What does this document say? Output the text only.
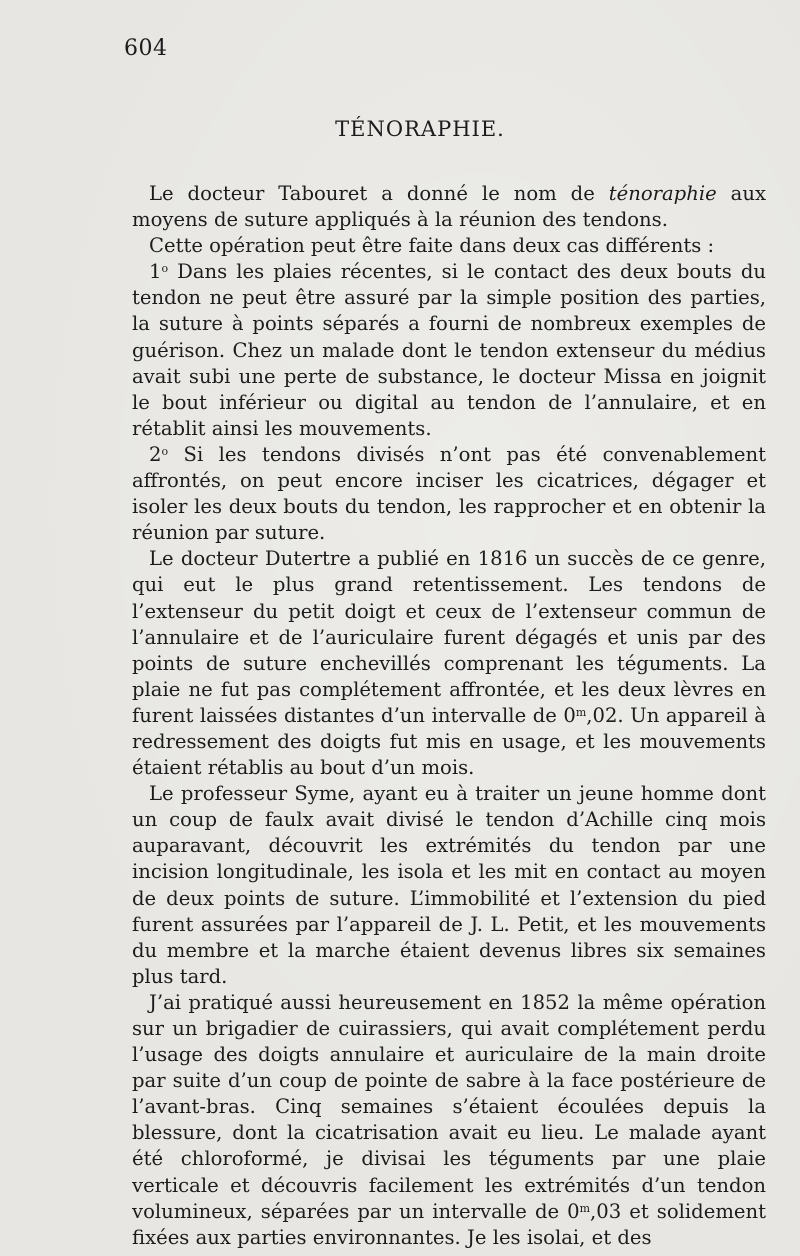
604
TÉNORAPHIE.

Le docteur Tabouret a donné le nom de ténoraphie aux moyens de suture appliqués à la réunion des tendons.

Cette opération peut être faite dans deux cas différents :

1$^o$ Dans les plaies récentes, si le contact des deux bouts du tendon ne peut être assuré par la simple position des parties, la suture à points séparés a fourni de nombreux exemples de guérison. Chez un malade dont le tendon extenseur du médius avait subi une perte de substance, le docteur Missa en joignit le bout inférieur ou digital au tendon de l’annulaire, et en rétablit ainsi les mouvements.

2$^o$ Si les tendons divisés n’ont pas été convenablement affrontés, on peut encore inciser les cicatrices, dégager et isoler les deux bouts du tendon, les rapprocher et en obtenir la réunion par suture.

Le docteur Dutertre a publié en 1816 un succès de ce genre, qui eut le plus grand retentissement. Les tendons de l’extenseur du petit doigt et ceux de l’extenseur commun de l’annulaire et de l’auriculaire furent dégagés et unis par des points de suture enchevillés comprenant les téguments. La plaie ne fut pas complétement affrontée, et les deux lèvres en furent laissées distantes d’un intervalle de 0$^m$,02. Un appareil à redressement des doigts fut mis en usage, et les mouvements étaient rétablis au bout d’un mois.

Le professeur Syme, ayant eu à traiter un jeune homme dont un coup de faulx avait divisé le tendon d’Achille cinq mois auparavant, découvrit les extrémités du tendon par une incision longitudinale, les isola et les mit en contact au moyen de deux points de suture. L’immobilité et l’extension du pied furent assurées par l’appareil de J. L. Petit, et les mouvements du membre et la marche étaient devenus libres six semaines plus tard.

J’ai pratiqué aussi heureusement en 1852 la même opération sur un brigadier de cuirassiers, qui avait complétement perdu l’usage des doigts annulaire et auriculaire de la main droite par suite d’un coup de pointe de sabre à la face postérieure de l’avant-bras. Cinq semaines s’étaient écoulées depuis la blessure, dont la cicatrisation avait eu lieu. Le malade ayant été chloroformé, je divisai les téguments par une plaie verticale et découvris facilement les extrémités d’un tendon volumineux, séparées par un intervalle de 0$^m$,03 et solidement fixées aux parties environnantes. Je les isolai, et des
